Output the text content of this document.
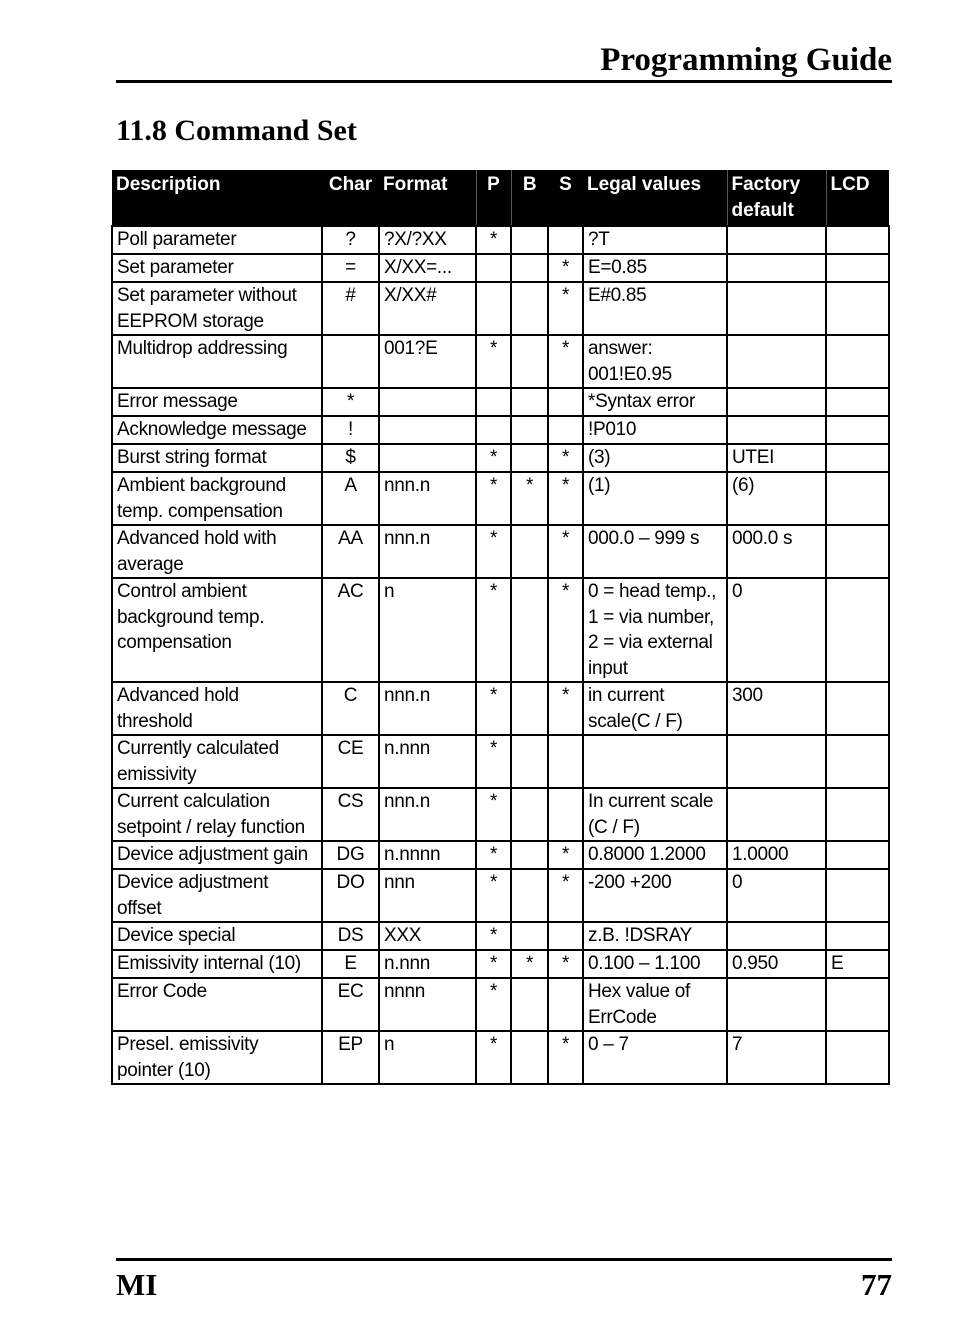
Programming Guide
11.8 Command Set
Description	Char	Format	P	B	S	Legal values	Factory default	LCD
Poll parameter	?	?X/?XX	*			?T		
Set parameter	=	X/XX=...			*	E=0.85		
Set parameter without EEPROM storage	#	X/XX#			*	E#0.85		
Multidrop addressing		001?E	*		*	answer: 001!E0.95		
Error message	*					*Syntax error		
Acknowledge message	!					!P010		
Burst string format	$		*		*	(3)	UTEI	
Ambient background temp. compensation	A	nnn.n	*	*	*	(1)	(6)	
Advanced hold with average	AA	nnn.n	*		*	000.0 – 999 s	000.0 s	
Control ambient background temp. compensation	AC	n	*		*	0 = head temp., 1 = via number, 2 = via external input	0	
Advanced hold threshold	C	nnn.n	*		*	in current scale(C / F)	300	
Currently calculated emissivity	CE	n.nnn	*					
Current calculation setpoint / relay function	CS	nnn.n	*			In current scale (C / F)		
Device adjustment gain	DG	n.nnnn	*		*	0.8000 1.2000	1.0000	
Device adjustment offset	DO	nnn	*		*	-200 +200	0	
Device special	DS	XXX	*			z.B. !DSRAY		
Emissivity internal (10)	E	n.nnn	*	*	*	0.100 – 1.100	0.950	E
Error Code	EC	nnnn	*			Hex value of ErrCode		
Presel. emissivity pointer (10)	EP	n	*		*	0 – 7	7	
MI	77
